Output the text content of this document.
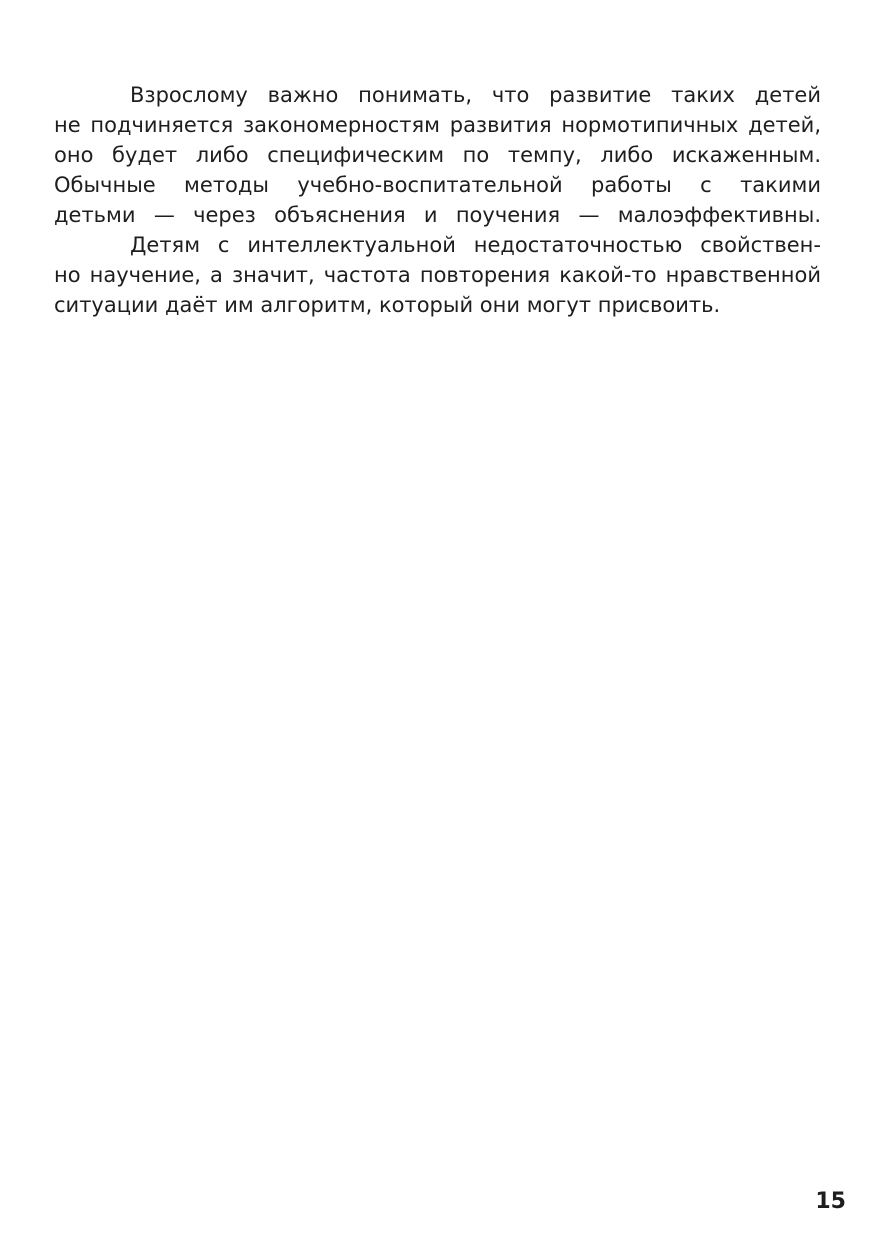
Взрослому важно понимать, что развитие таких детей
не подчиняется закономерностям развития нормотипичных детей,
оно будет либо специфическим по темпу, либо искаженным.
Обычные методы учебно-воспитательной работы с такими
детьми — через объяснения и поучения — малоэффективны.
Детям с интеллектуальной недостаточностью свойствен-
но научение, а значит, частота повторения какой-то нравственной
ситуации даёт им алгоритм, который они могут присвоить.
15
